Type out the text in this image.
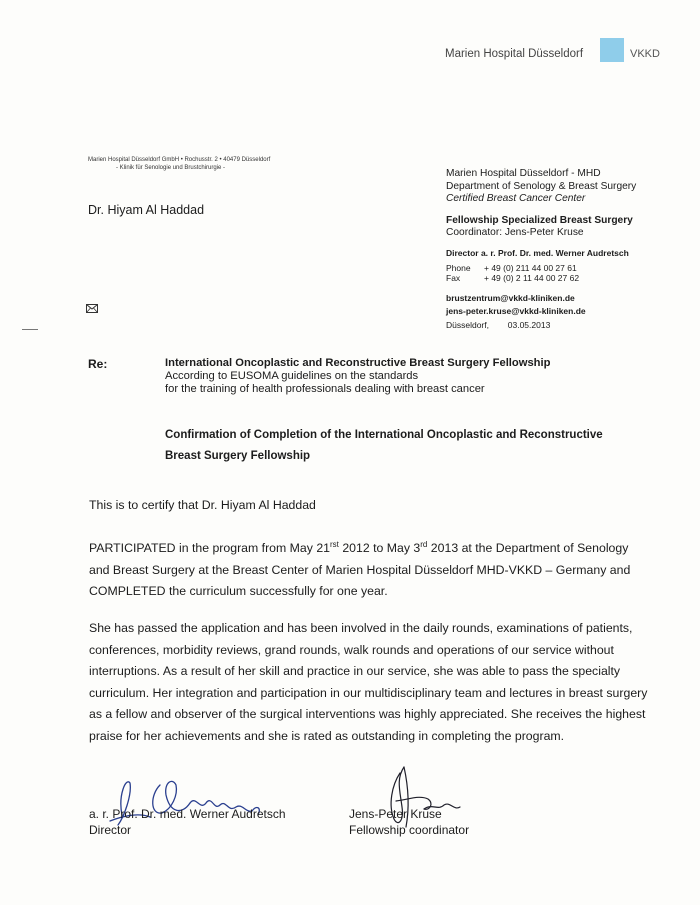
Marien Hospital Düsseldorf	VKKD
Marien Hospital Düsseldorf GmbH • Rochusstr. 2 • 40479 Düsseldorf
- Klinik für Senologie und Brustchirurgie -
Dr. Hiyam Al Haddad
Marien Hospital Düsseldorf - MHD
Department of Senology & Breast Surgery
Certified Breast Cancer Center
Fellowship Specialized Breast Surgery
Coordinator: Jens-Peter Kruse
Director a. r. Prof. Dr. med. Werner Audretsch
Phone	+ 49 (0) 211 44 00 27 61
Fax	+ 49 (0) 2 11 44 00 27 62
brustzentrum@vkkd-kliniken.de
jens-peter.kruse@vkkd-kliniken.de
Düsseldorf, 03.05.2013
Re:	International Oncoplastic and Reconstructive Breast Surgery Fellowship
According to EUSOMA guidelines on the standards
for the training of health professionals dealing with breast cancer
Confirmation of Completion of the International Oncoplastic and Reconstructive
Breast Surgery Fellowship
This is to certify that Dr. Hiyam Al Haddad
PARTICIPATED in the program from May $21^{rst}$ 2012 to May 3rd 2013 at the Department of Senology and Breast Surgery at the Breast Center of Marien Hospital Düsseldorf MHD-VKKD – Germany and COMPLETED the curriculum successfully for one year.
She has passed the application and has been involved in the daily rounds, examinations of patients, conferences, morbidity reviews, grand rounds, walk rounds and operations of our service without interruptions. As a result of her skill and practice in our service, she was able to pass the specialty curriculum. Her integration and participation in our multidisciplinary team and lectures in breast surgery as a fellow and observer of the surgical interventions was highly appreciated. She receives the highest praise for her achievements and she is rated as outstanding in completing the program.
a. r. Prof. Dr. med. Werner Audretsch
Director
Jens-Peter Kruse
Fellowship coordinator
